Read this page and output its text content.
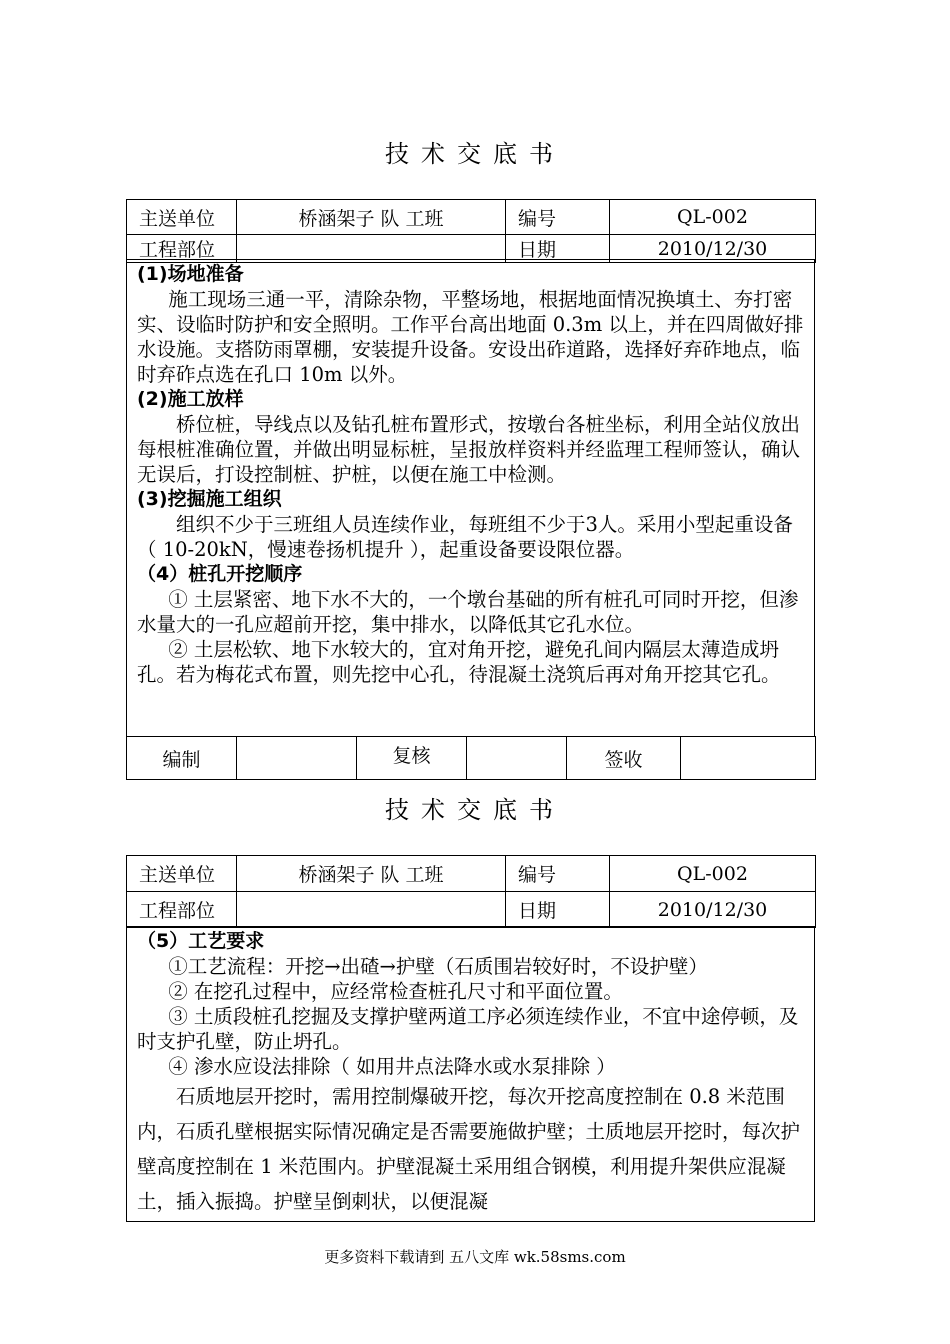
技术交底书
主送单位	桥涵架子 队 工班	编号	QL-002
工程部位		日期	2010/12/30

(1)场地准备

施工现场三通一平，清除杂物，平整场地，根据地面情况换填土、夯打密实、设临时防护和安全照明。工作平台高出地面 0.3m 以上，并在四周做好排水设施。支搭防雨罩棚，安装提升设备。安设出砟道路，选择好弃砟地点，临时弃砟点选在孔口 10m 以外。

(2)施工放样

桥位桩，导线点以及钻孔桩布置形式，按墩台各桩坐标，利用全站仪放出每根桩准确位置，并做出明显标桩，呈报放样资料并经监理工程师签认，确认无误后，打设控制桩、护桩，以便在施工中检测。

(3)挖掘施工组织

组织不少于三班组人员连续作业，每班组不少于3人。采用小型起重设备（ 10-20kN，慢速卷扬机提升 ），起重设备要设限位器。

（4）桩孔开挖顺序

① 土层紧密、地下水不大的，一个墩台基础的所有桩孔可同时开挖，但渗水量大的一孔应超前开挖，集中排水，以降低其它孔水位。

② 土层松软、地下水较大的，宜对角开挖，避免孔间内隔层太薄造成坍孔。若为梅花式布置，则先挖中心孔，待混凝土浇筑后再对角开挖其它孔。

编制		复核		签收	
技术交底书
主送单位	桥涵架子 队 工班	编号	QL-002
工程部位		日期	2010/12/30

（5）工艺要求

①工艺流程：开挖→出碴→护壁（石质围岩较好时，不设护壁）

② 在挖孔过程中，应经常检查桩孔尺寸和平面位置。

③ 土质段桩孔挖掘及支撑护壁两道工序必须连续作业，不宜中途停顿，及时支护孔壁，防止坍孔。

④ 渗水应设法排除（ 如用井点法降水或水泵排除 ）

石质地层开挖时，需用控制爆破开挖，每次开挖高度控制在 0.8 米范围内，石质孔壁根据实际情况确定是否需要施做护壁；土质地层开挖时，每次护壁高度控制在 1 米范围内。护壁混凝土采用组合钢模，利用提升架供应混凝土，插入振捣。护壁呈倒刺状，以便混凝

更多资料下载请到 五八文库 wk.58sms.com
